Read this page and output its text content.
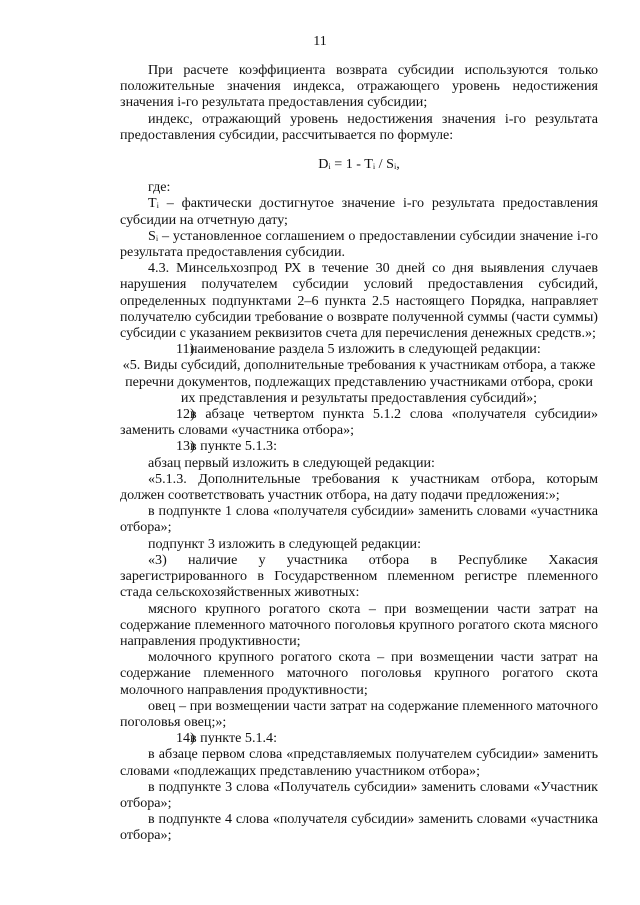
11

При расчете коэффициента возврата субсидии используются только положительные значения индекса, отражающего уровень недостижения значения i-го результата предоставления субсидии;

индекс, отражающий уровень недостижения значения i-го результата предоставления субсидии, рассчитывается по формуле:

Dᵢ = 1 - Tᵢ / Sᵢ,

где:

Tᵢ – фактически достигнутое значение i-го результата предоставления субсидии на отчетную дату;

Sᵢ – установленное соглашением о предоставлении субсидии значение i-го результата предоставления субсидии.

4.3. Минсельхозпрод РХ в течение 30 дней со дня выявления случаев нарушения получателем субсидии условий предоставления субсидий, определенных подпунктами 2–6 пункта 2.5 настоящего Порядка, направляет получателю субсидии требование о возврате полученной суммы (части суммы) субсидии с указанием реквизитов счета для перечисления денежных средств.»;

11)наименование раздела 5 изложить в следующей редакции:

«5. Виды субсидий, дополнительные требования к участникам отбора, а также перечни документов, подлежащих представлению участниками отбора, сроки их представления и результаты предоставления субсидий»;

12)в абзаце четвертом пункта 5.1.2 слова «получателя субсидии» заменить словами «участника отбора»;

13)в пункте 5.1.3:

абзац первый изложить в следующей редакции:

«5.1.3. Дополнительные требования к участникам отбора, которым должен соответствовать участник отбора, на дату подачи предложения:»;

в подпункте 1 слова «получателя субсидии» заменить словами «участника отбора»;

подпункт 3 изложить в следующей редакции:

«3) наличие у участника отбора в Республике Хакасия зарегистрированного в Государственном племенном регистре племенного стада сельскохозяйственных животных:

мясного крупного рогатого скота – при возмещении части затрат на содержание племенного маточного поголовья крупного рогатого скота мясного направления продуктивности;

молочного крупного рогатого скота – при возмещении части затрат на содержание племенного маточного поголовья крупного рогатого скота молочного направления продуктивности;

овец – при возмещении части затрат на содержание племенного маточного поголовья овец;»;

14)в пункте 5.1.4:

в абзаце первом слова «представляемых получателем субсидии» заменить словами «подлежащих представлению участником отбора»;

в подпункте 3 слова «Получатель субсидии» заменить словами «Участник отбора»;

в подпункте 4 слова «получателя субсидии» заменить словами «участника отбора»;
